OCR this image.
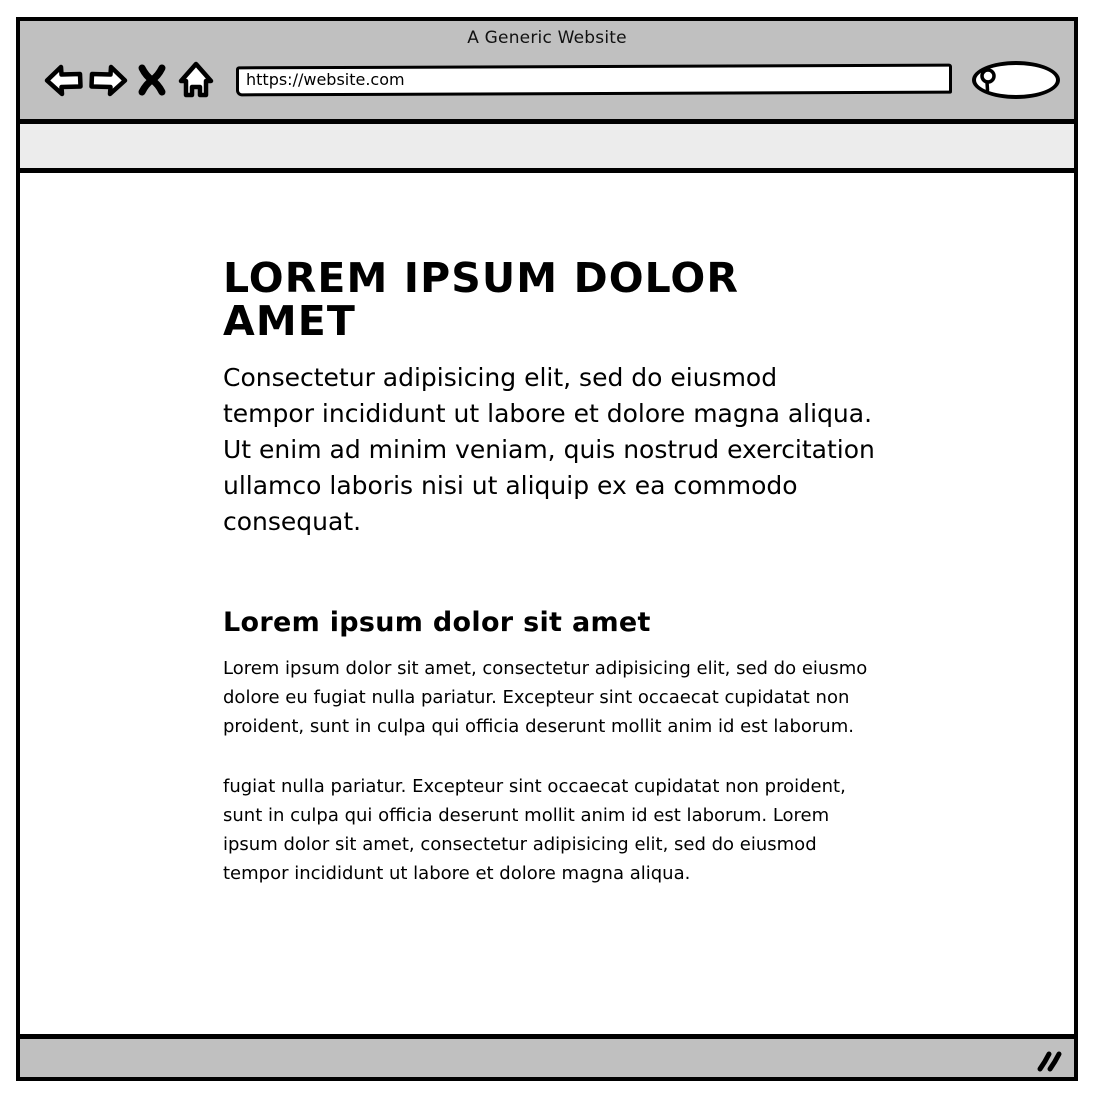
A Generic Website
https://website.com
LOREM IPSUM DOLOR AMET

Consectetur adipisicing elit, sed do eiusmod tempor incididunt ut labore et dolore magna aliqua. Ut enim ad minim veniam, quis nostrud exercitation ullamco laboris nisi ut aliquip ex ea commodo consequat.

Lorem ipsum dolor sit amet

Lorem ipsum dolor sit amet, consectetur adipisicing elit, sed do eiusmo dolore eu fugiat nulla pariatur. Excepteur sint occaecat cupidatat non proident, sunt in culpa qui officia deserunt mollit anim id est laborum.

fugiat nulla pariatur. Excepteur sint occaecat cupidatat non proident, sunt in culpa qui officia deserunt mollit anim id est laborum. Lorem ipsum dolor sit amet, consectetur adipisicing elit, sed do eiusmod tempor incididunt ut labore et dolore magna aliqua.
